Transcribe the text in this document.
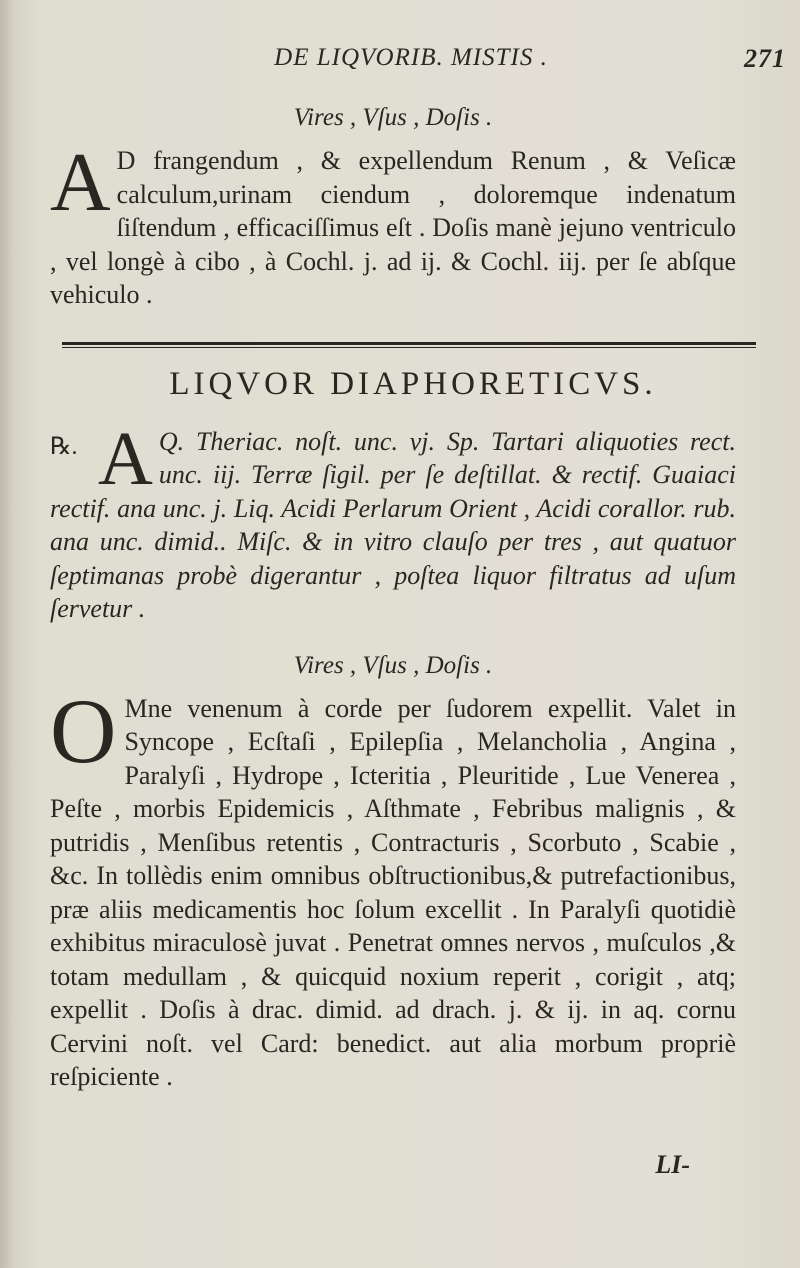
DE LIQVORIB. MISTIS .	271
Vires , Vſus , Doſis .

A D frangendum , & expellendum Renum , & Veſicæ calculum,urinam ciendum , doloremque indenatum ſiſtendum , efficaciſſimus eſt . Doſis manè jejuno ventriculo , vel longè à cibo , à Cochl. j. ad ij. & Cochl. iij. per ſe abſque vehiculo .

LIQVOR DIAPHORETICVS.

℞. A Q. Theriac. noſt. unc. vj. Sp. Tartari aliquoties rect. unc. iij. Terræ ſigil. per ſe deſtillat. & rectif. Guaiaci rectif. ana unc. j. Liq. Acidi Perlarum Orient , Acidi corallor. rub. ana unc. dimid.. Miſc. & in vitro clauſo per tres , aut quatuor ſeptimanas probè digerantur , poſtea liquor filtratus ad uſum ſervetur .

Vires , Vſus , Doſis .

O Mne venenum à corde per ſudorem expellit. Valet in Syncope , Ecſtaſi , Epilepſia , Melancholia , Angina , Paralyſi , Hydrope , Icteritia , Pleuritide , Lue Venerea , Peſte , morbis Epidemicis , Aſthmate , Febribus malignis , & putridis , Menſibus retentis , Contracturis , Scorbuto , Scabie , &c. In tollèdis enim omnibus obſtructionibus,& putrefactionibus, præ aliis medicamentis hoc ſolum excellit . In Paralyſi quotidiè exhibitus miraculosè juvat . Penetrat omnes nervos , muſculos ,& totam medullam , & quicquid noxium reperit , corigit , atq; expellit . Doſis à drac. dimid. ad drach. j. & ij. in aq. cornu Cervini noſt. vel Card: benedict. aut alia morbum propriè reſpiciente .

LI-
